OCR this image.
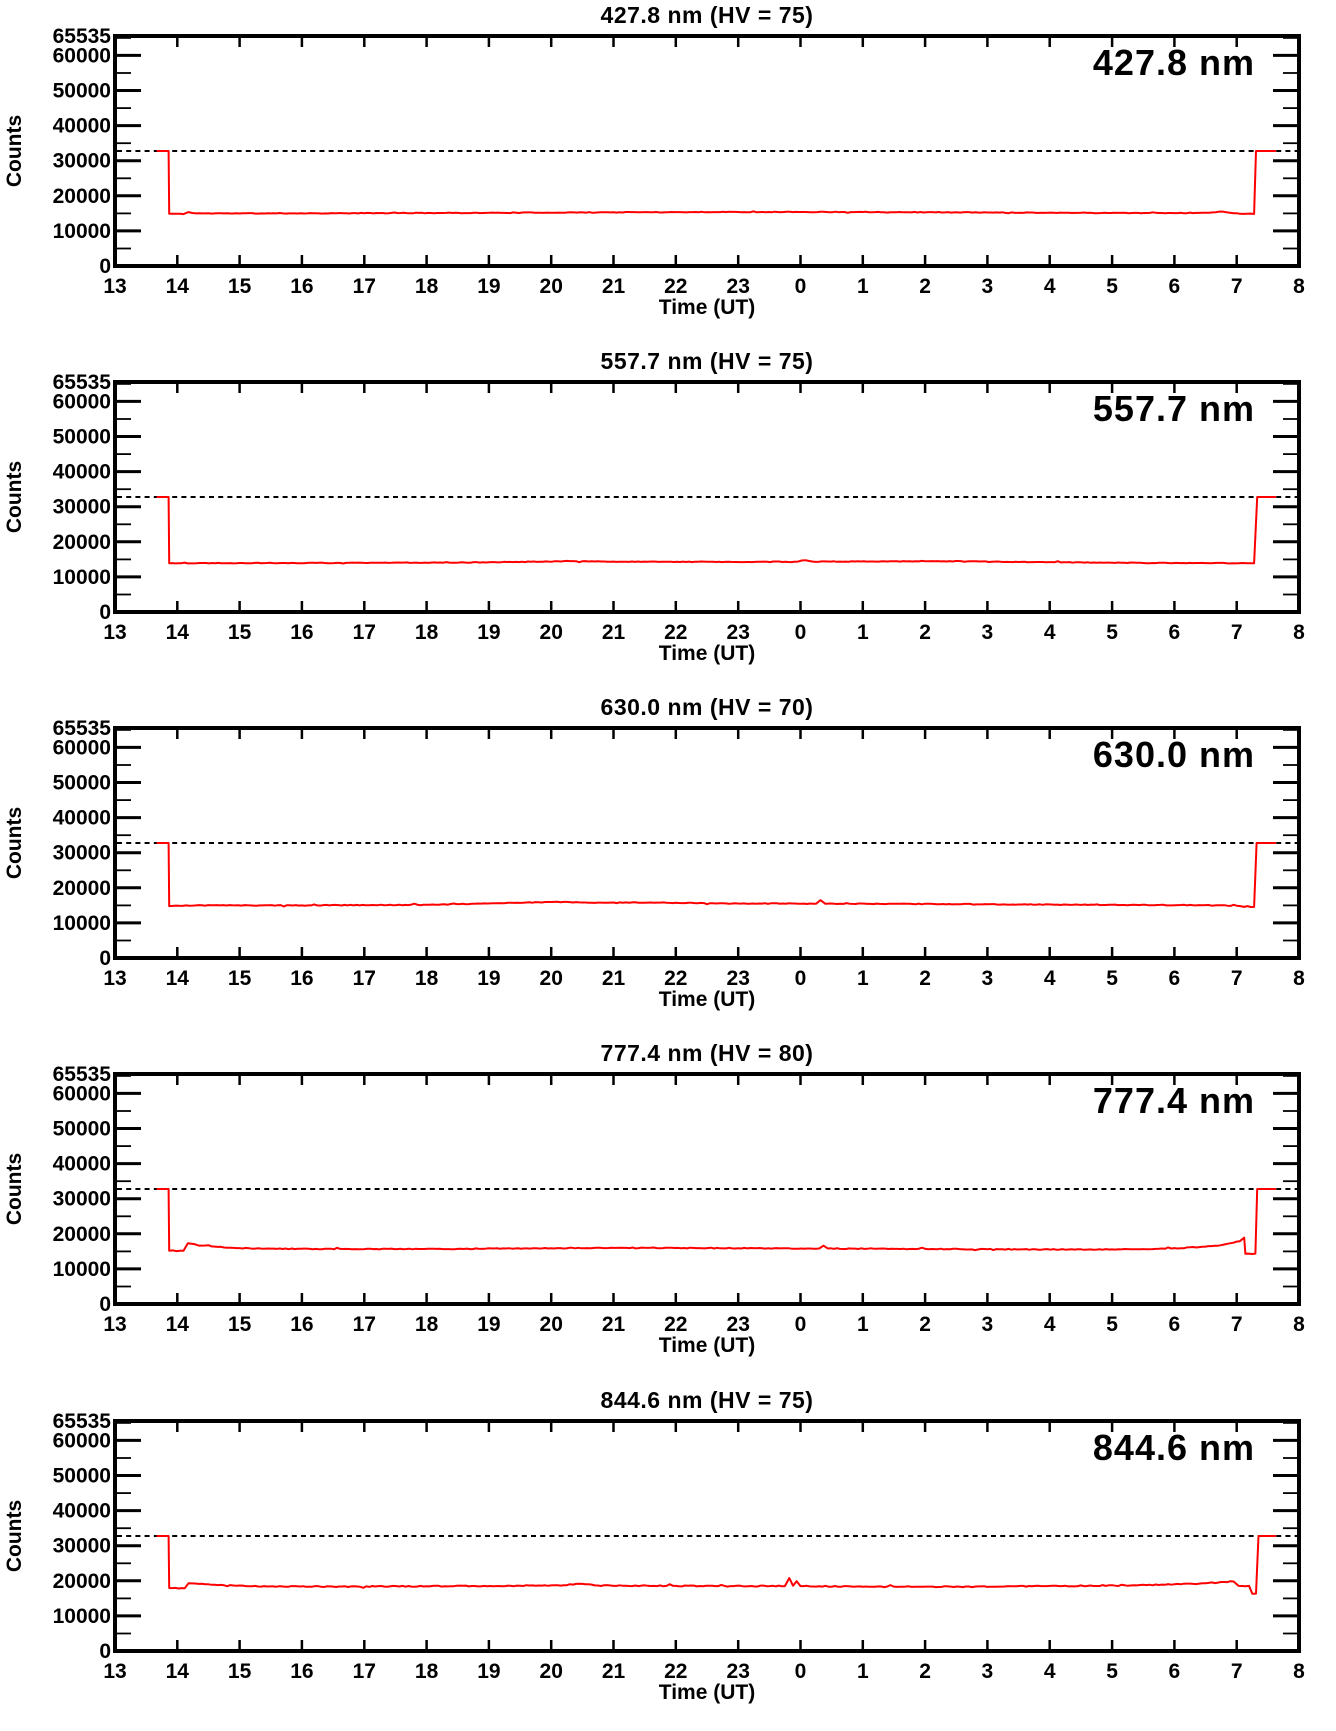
13 14 15 16 17 18 19 20 21 22 23 0 1 2 3 4 5 6 7 8
0
10000
20000
30000
40000
50000
60000
65535
427.8 nm (HV = 75)
427.8 nm
Counts
Time (UT)
13 14 15 16 17 18 19 20 21 22 23 0 1 2 3 4 5 6 7 8
0
10000
20000
30000
40000
50000
60000
65535
557.7 nm (HV = 75)
557.7 nm
Counts
Time (UT)
13 14 15 16 17 18 19 20 21 22 23 0 1 2 3 4 5 6 7 8
0
10000
20000
30000
40000
50000
60000
65535
630.0 nm (HV = 70)
630.0 nm
Counts
Time (UT)
13 14 15 16 17 18 19 20 21 22 23 0 1 2 3 4 5 6 7 8
0
10000
20000
30000
40000
50000
60000
65535
777.4 nm (HV = 80)
777.4 nm
Counts
Time (UT)
13 14 15 16 17 18 19 20 21 22 23 0 1 2 3 4 5 6 7 8
0
10000
20000
30000
40000
50000
60000
65535
844.6 nm (HV = 75)
844.6 nm
Counts
Time (UT)
